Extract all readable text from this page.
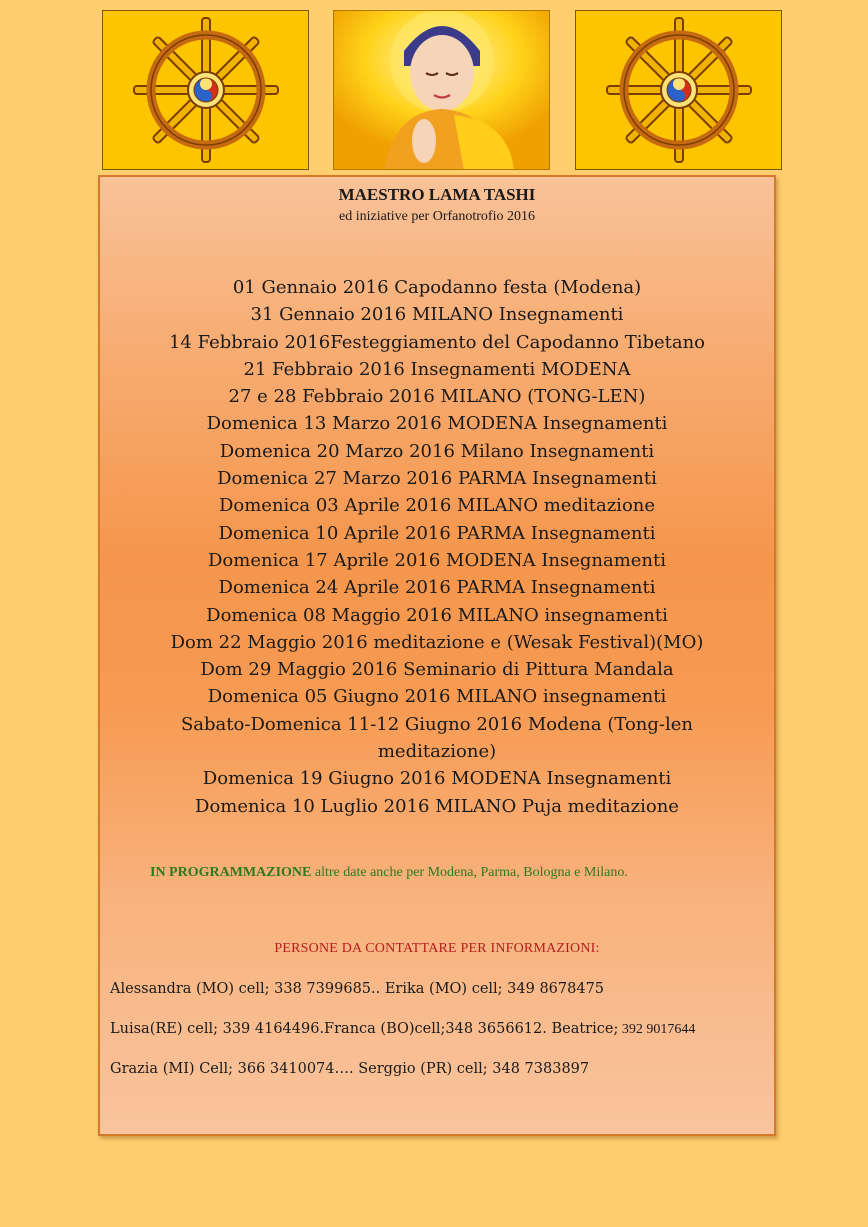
MAESTRO LAMA TASHI
ed iniziative per Orfanotrofio 2016
01 Gennaio 2016 Capodanno festa (Modena)
31 Gennaio 2016 MILANO Insegnamenti
14 Febbraio 2016Festeggiamento del Capodanno Tibetano
21 Febbraio 2016 Insegnamenti MODENA
27 e 28 Febbraio 2016 MILANO (TONG-LEN)
Domenica 13 Marzo 2016 MODENA Insegnamenti
Domenica 20 Marzo 2016 Milano Insegnamenti
Domenica 27 Marzo 2016 PARMA Insegnamenti
Domenica 03 Aprile 2016 MILANO meditazione
Domenica 10 Aprile 2016 PARMA Insegnamenti
Domenica 17 Aprile 2016 MODENA Insegnamenti
Domenica 24 Aprile 2016 PARMA Insegnamenti
Domenica 08 Maggio 2016 MILANO insegnamenti
Dom 22 Maggio 2016 meditazione e (Wesak Festival)(MO)
Dom 29 Maggio 2016 Seminario di Pittura Mandala
Domenica 05 Giugno 2016 MILANO insegnamenti
Sabato-Domenica 11-12 Giugno 2016 Modena (Tong-len
meditazione)
Domenica 19 Giugno 2016 MODENA Insegnamenti
Domenica 10 Luglio 2016 MILANO Puja meditazione
IN PROGRAMMAZIONE altre date anche per Modena, Parma, Bologna e Milano.
PERSONE DA CONTATTARE PER INFORMAZIONI:
Alessandra (MO) cell; 338 7399685.. Erika (MO) cell; 349 8678475
Luisa(RE) cell; 339 4164496.Franca (BO)cell;348 3656612. Beatrice; 392 9017644
Grazia (MI) Cell; 366 3410074…. Serggio (PR) cell; 348 7383897
